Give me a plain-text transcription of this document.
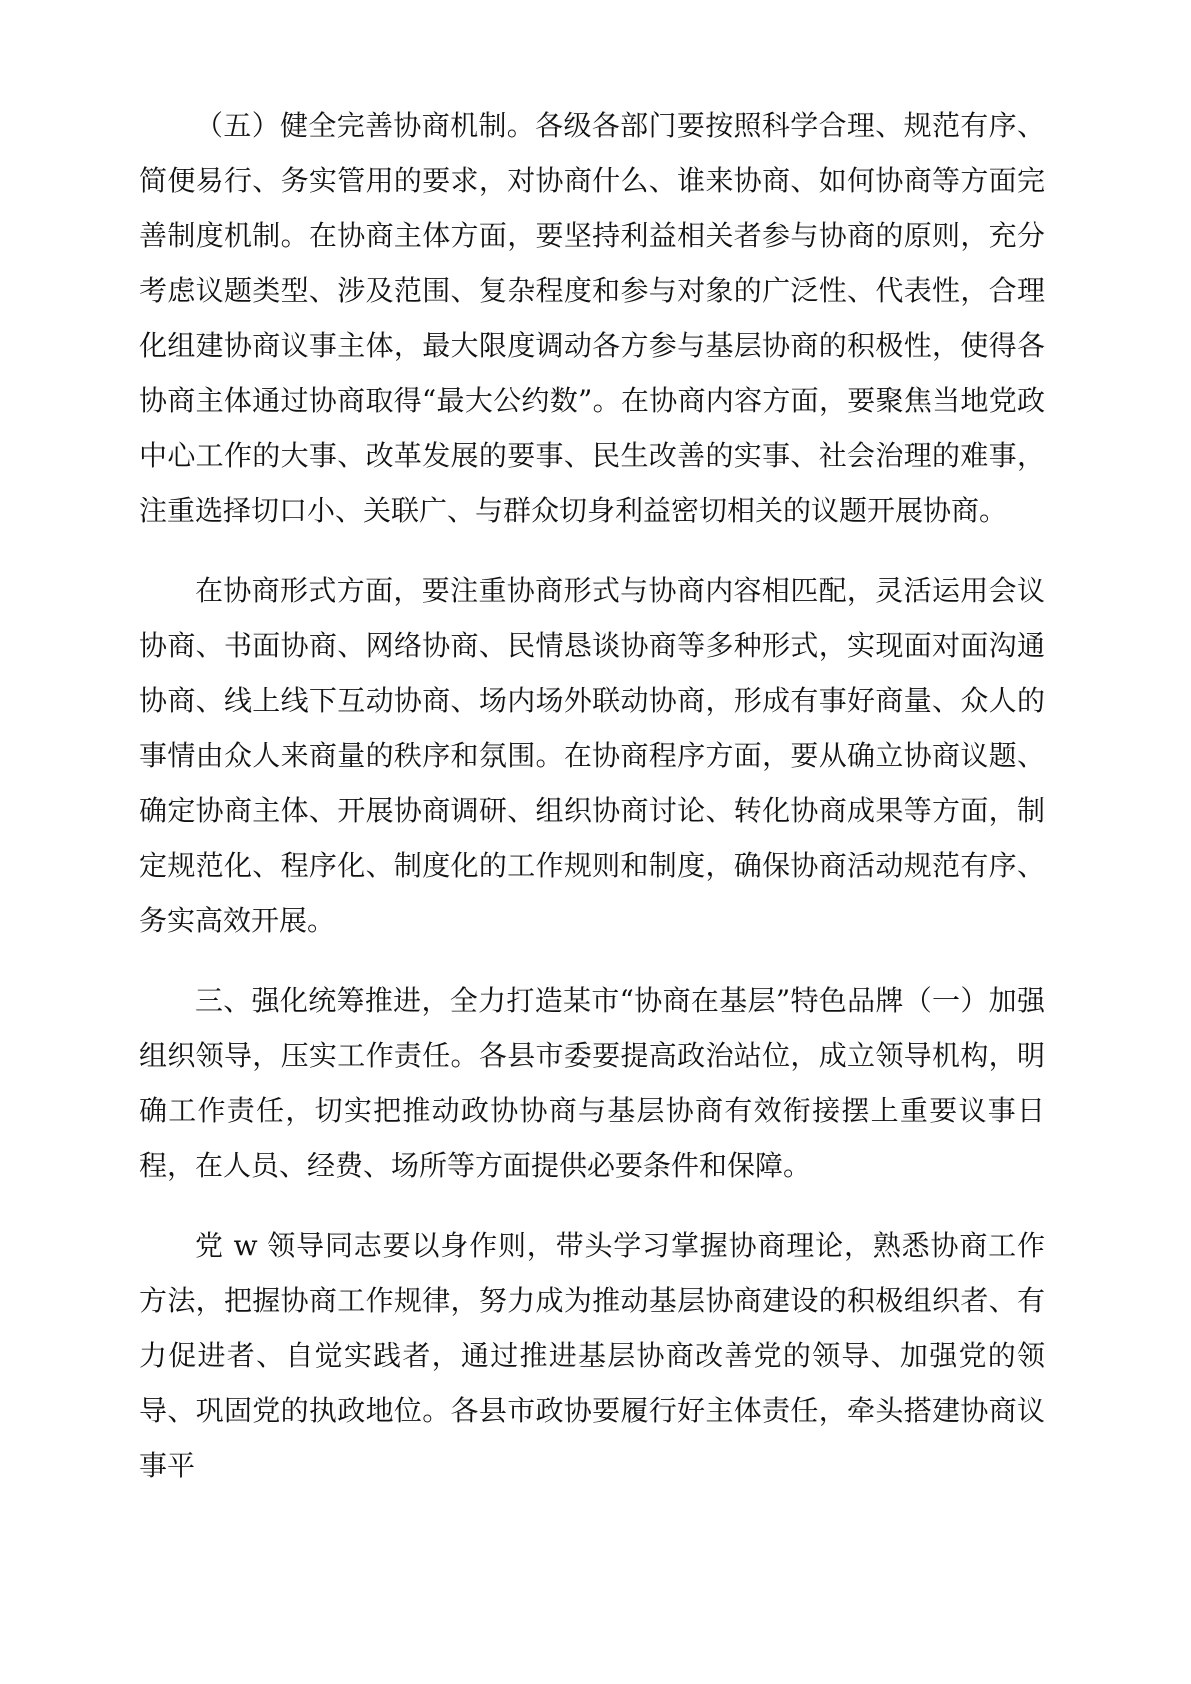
（五）健全完善协商机制。各级各部门要按照科学合理、规范有序、简便易行、务实管用的要求，对协商什么、谁来协商、如何协商等方面完善制度机制。在协商主体方面，要坚持利益相关者参与协商的原则，充分考虑议题类型、涉及范围、复杂程度和参与对象的广泛性、代表性，合理化组建协商议事主体，最大限度调动各方参与基层协商的积极性，使得各协商主体通过协商取得“最大公约数”。在协商内容方面，要聚焦当地党政中心工作的大事、改革发展的要事、民生改善的实事、社会治理的难事，注重选择切口小、关联广、与群众切身利益密切相关的议题开展协商。

在协商形式方面，要注重协商形式与协商内容相匹配，灵活运用会议协商、书面协商、网络协商、民情恳谈协商等多种形式，实现面对面沟通协商、线上线下互动协商、场内场外联动协商，形成有事好商量、众人的事情由众人来商量的秩序和氛围。在协商程序方面，要从确立协商议题、确定协商主体、开展协商调研、组织协商讨论、转化协商成果等方面，制定规范化、程序化、制度化的工作规则和制度，确保协商活动规范有序、务实高效开展。

三、强化统筹推进，全力打造某市“协商在基层”特色品牌（一）加强组织领导，压实工作责任。各县市委要提高政治站位，成立领导机构，明确工作责任，切实把推动政协协商与基层协商有效衔接摆上重要议事日程，在人员、经费、场所等方面提供必要条件和保障。

党 w 领导同志要以身作则，带头学习掌握协商理论，熟悉协商工作方法，把握协商工作规律，努力成为推动基层协商建设的积极组织者、有力促进者、自觉实践者，通过推进基层协商改善党的领导、加强党的领导、巩固党的执政地位。各县市政协要履行好主体责任，牵头搭建协商议事平
